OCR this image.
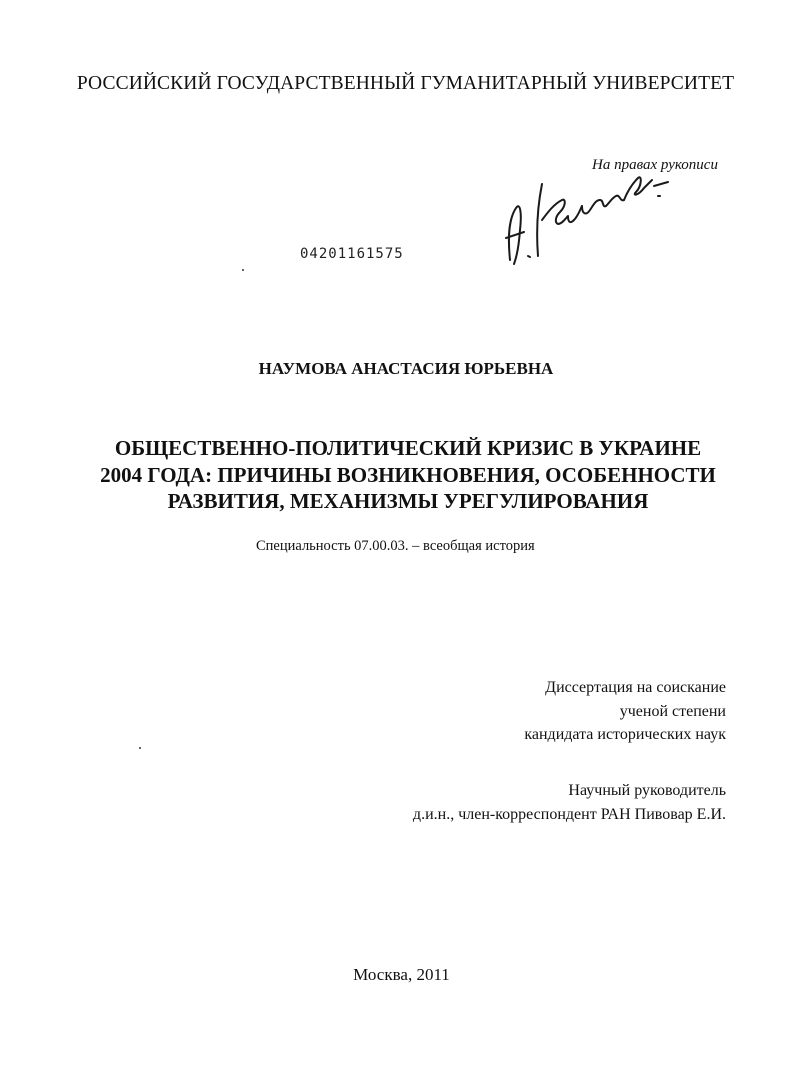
РОССИЙСКИЙ ГОСУДАРСТВЕННЫЙ ГУМАНИТАРНЫЙ УНИВЕРСИТЕТ
На правах рукописи
04201161575
НАУМОВА АНАСТАСИЯ ЮРЬЕВНА
ОБЩЕСТВЕННО-ПОЛИТИЧЕСКИЙ КРИЗИС В УКРАИНЕ
2004 ГОДА: ПРИЧИНЫ ВОЗНИКНОВЕНИЯ, ОСОБЕННОСТИ
РАЗВИТИЯ, МЕХАНИЗМЫ УРЕГУЛИРОВАНИЯ
Специальность 07.00.03. – всеобщая история
Диссертация на соискание
ученой степени
кандидата исторических наук
Научный руководитель
д.и.н., член-корреспондент РАН Пивовар Е.И.
Москва, 2011
